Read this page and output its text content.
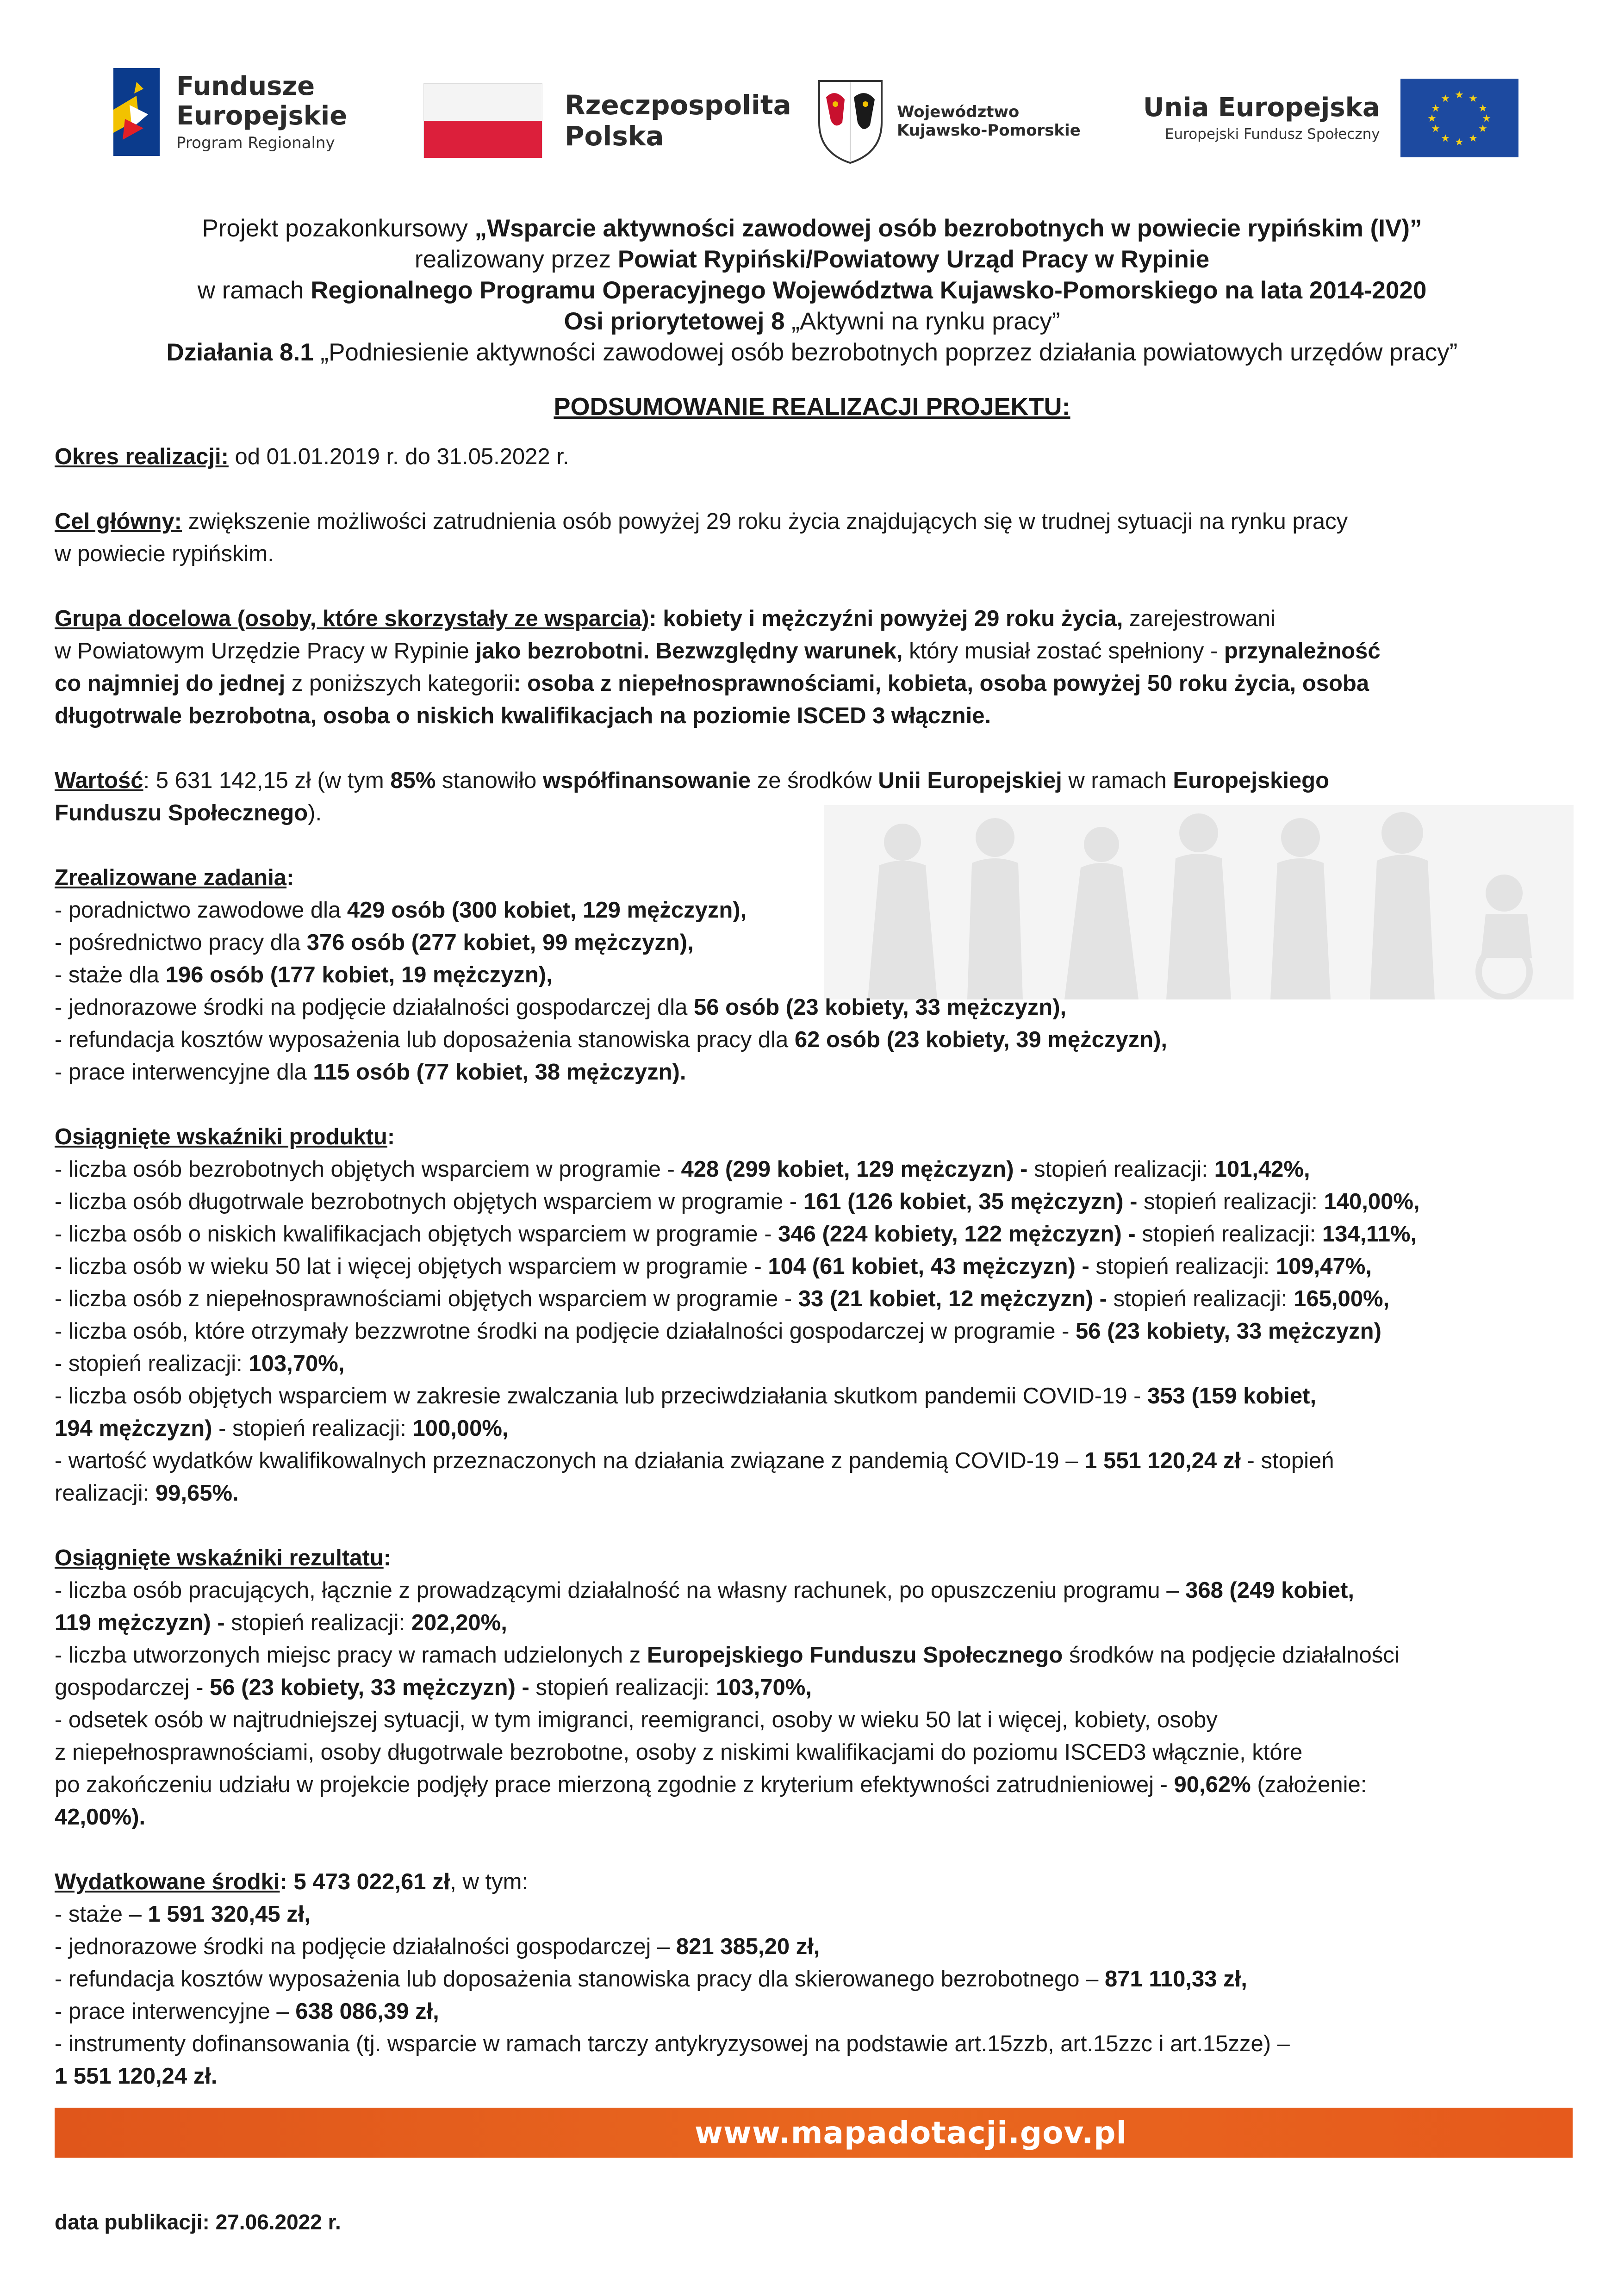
Fundusze
Europejskie
Program Regionalny
Rzeczpospolita
Polska
Województwo
Kujawsko-Pomorskie
Unia Europejska
Europejski Fundusz Społeczny
★ ★
★
★
★
★
★
★
★
★
★
★
Projekt pozakonkursowy „Wsparcie aktywności zawodowej osób bezrobotnych w powiecie rypińskim (IV)”
realizowany przez Powiat Rypiński/Powiatowy Urząd Pracy w Rypinie
w ramach Regionalnego Programu Operacyjnego Województwa Kujawsko-Pomorskiego na lata 2014-2020
Osi priorytetowej 8 „Aktywni na rynku pracy”
Działania 8.1 „Podniesienie aktywności zawodowej osób bezrobotnych poprzez działania powiatowych urzędów pracy”
PODSUMOWANIE REALIZACJI PROJEKTU:

Okres realizacji: od 01.01.2019 r. do 31.05.2022 r.

Cel główny: zwiększenie możliwości zatrudnienia osób powyżej 29 roku życia znajdujących się w trudnej sytuacji na rynku pracy

w powiecie rypińskim.

Grupa docelowa (osoby, które skorzystały ze wsparcia): kobiety i mężczyźni powyżej 29 roku życia, zarejestrowani

w Powiatowym Urzędzie Pracy w Rypinie jako bezrobotni. Bezwzględny warunek, który musiał zostać spełniony - przynależność

co najmniej do jednej z poniższych kategorii: osoba z niepełnosprawnościami, kobieta, osoba powyżej 50 roku życia, osoba

długotrwale bezrobotna, osoba o niskich kwalifikacjach na poziomie ISCED 3 włącznie.

Wartość: 5 631 142,15 zł (w tym 85% stanowiło współfinansowanie ze środków Unii Europejskiej w ramach Europejskiego

Funduszu Społecznego).

Zrealizowane zadania:

- poradnictwo zawodowe dla 429 osób (300 kobiet, 129 mężczyzn),

- pośrednictwo pracy dla 376 osób (277 kobiet, 99 mężczyzn),

- staże dla 196 osób (177 kobiet, 19 mężczyzn),

- jednorazowe środki na podjęcie działalności gospodarczej dla 56 osób (23 kobiety, 33 mężczyzn),

- refundacja kosztów wyposażenia lub doposażenia stanowiska pracy dla 62 osób (23 kobiety, 39 mężczyzn),

- prace interwencyjne dla 115 osób (77 kobiet, 38 mężczyzn).

Osiągnięte wskaźniki produktu:

- liczba osób bezrobotnych objętych wsparciem w programie - 428 (299 kobiet, 129 mężczyzn) - stopień realizacji: 101,42%,

- liczba osób długotrwale bezrobotnych objętych wsparciem w programie - 161 (126 kobiet, 35 mężczyzn) - stopień realizacji: 140,00%,

- liczba osób o niskich kwalifikacjach objętych wsparciem w programie - 346 (224 kobiety, 122 mężczyzn) - stopień realizacji: 134,11%,

- liczba osób w wieku 50 lat i więcej objętych wsparciem w programie - 104 (61 kobiet, 43 mężczyzn) - stopień realizacji: 109,47%,

- liczba osób z niepełnosprawnościami objętych wsparciem w programie - 33 (21 kobiet, 12 mężczyzn) - stopień realizacji: 165,00%,

- liczba osób, które otrzymały bezzwrotne środki na podjęcie działalności gospodarczej w programie - 56 (23 kobiety, 33 mężczyzn)

- stopień realizacji: 103,70%,

- liczba osób objętych wsparciem w zakresie zwalczania lub przeciwdziałania skutkom pandemii COVID-19 - 353 (159 kobiet,

194 mężczyzn) - stopień realizacji: 100,00%,

- wartość wydatków kwalifikowalnych przeznaczonych na działania związane z pandemią COVID-19 – 1 551 120,24 zł - stopień

realizacji: 99,65%.

Osiągnięte wskaźniki rezultatu:

- liczba osób pracujących, łącznie z prowadzącymi działalność na własny rachunek, po opuszczeniu programu – 368 (249 kobiet,

119 mężczyzn) - stopień realizacji: 202,20%,

- liczba utworzonych miejsc pracy w ramach udzielonych z Europejskiego Funduszu Społecznego środków na podjęcie działalności

gospodarczej - 56 (23 kobiety, 33 mężczyzn) - stopień realizacji: 103,70%,

- odsetek osób w najtrudniejszej sytuacji, w tym imigranci, reemigranci, osoby w wieku 50 lat i więcej, kobiety, osoby

z niepełnosprawnościami, osoby długotrwale bezrobotne, osoby z niskimi kwalifikacjami do poziomu ISCED3 włącznie, które

po zakończeniu udziału w projekcie podjęły prace mierzoną zgodnie z kryterium efektywności zatrudnieniowej - 90,62% (założenie:

42,00%).

Wydatkowane środki: 5 473 022,61 zł, w tym:

- staże – 1 591 320,45 zł,

- jednorazowe środki na podjęcie działalności gospodarczej – 821 385,20 zł,

- refundacja kosztów wyposażenia lub doposażenia stanowiska pracy dla skierowanego bezrobotnego – 871 110,33 zł,

- prace interwencyjne – 638 086,39 zł,

- instrumenty dofinansowania (tj. wsparcie w ramach tarczy antykryzysowej na podstawie art.15zzb, art.15zzc i art.15zze) –

1 551 120,24 zł.

www.mapadotacji.gov.pl
data publikacji: 27.06.2022 r.
